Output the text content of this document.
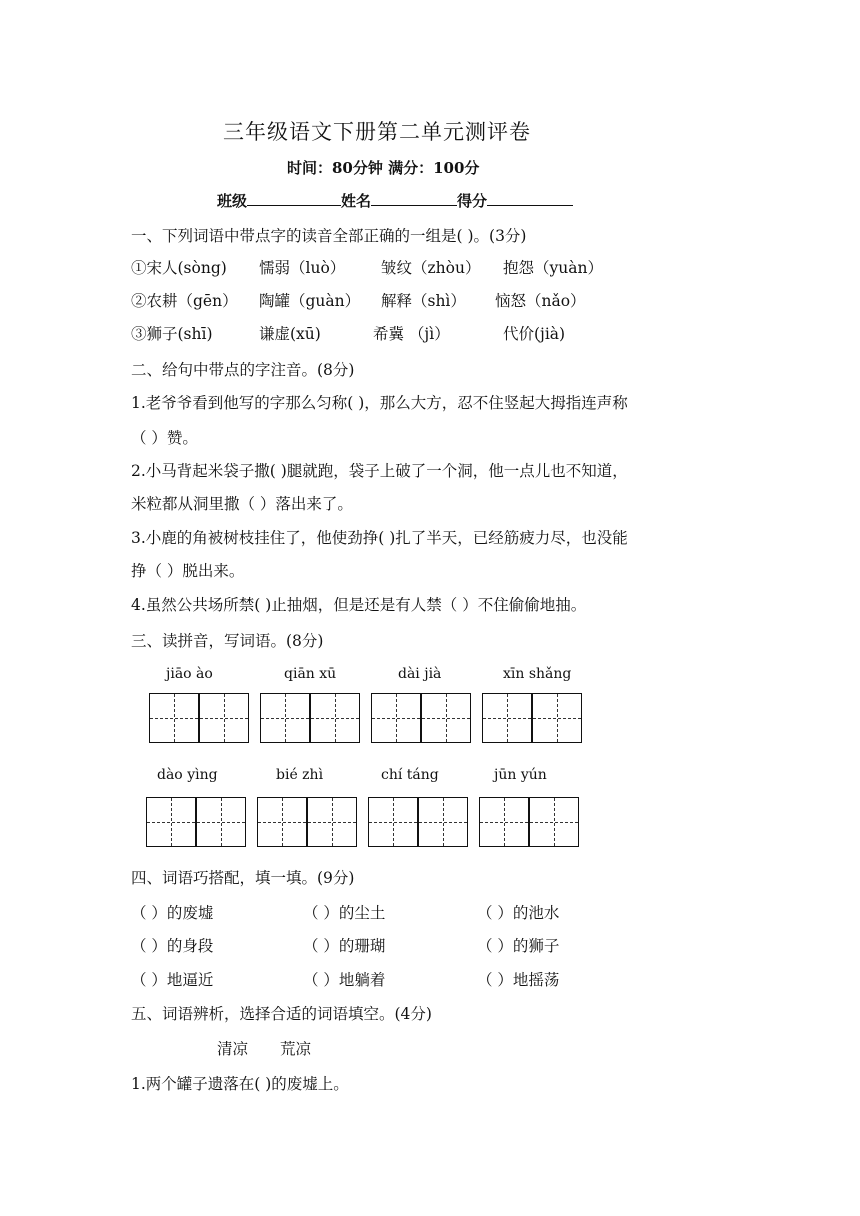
三年级语文下册第二单元测评卷
时间：80分钟 满分：100分
班级	姓名	得分
一、下列词语中带点字的读音全部正确的一组是( )。(3分)
①宋人(sòng) 懦弱（luò） 皱纹（zhòu） 抱怨（yuàn）
②农耕（gēn） 陶罐（guàn） 解释（shì） 恼怒（nǎo）
③狮子(shī)	谦虚(xū)	希冀 （jì）	代价(jià)
二、给句中带点的字注音。(8分)
1.老爷爷看到他写的字那么匀称( )，那么大方，忍不住竖起大拇指连声称
（ ）赞。
2.小马背起米袋子撒( )腿就跑，袋子上破了一个洞，他一点儿也不知道，
米粒都从洞里撒（ ）落出来了。
3.小鹿的角被树枝挂住了，他使劲挣( )扎了半天，已经筋疲力尽，也没能
挣（ ）脱出来。
4.虽然公共场所禁( )止抽烟，但是还是有人禁（ ）不住偷偷地抽。
三、读拼音，写词语。(8分)
jiāo ào	qiān xū	dài jià	xīn shǎng
dào yìng	bié zhì	chí táng	jūn yún
四、词语巧搭配，填一填。(9分)
（ ）的废墟	（ ）的尘土	（ ）的池水
（ ）的身段	（ ）的珊瑚	（ ）的狮子
（ ）地逼近	（ ）地躺着	（ ）地摇荡
五、词语辨析，选择合适的词语填空。(4分)
清凉 荒凉
1.两个罐子遗落在( )的废墟上。
